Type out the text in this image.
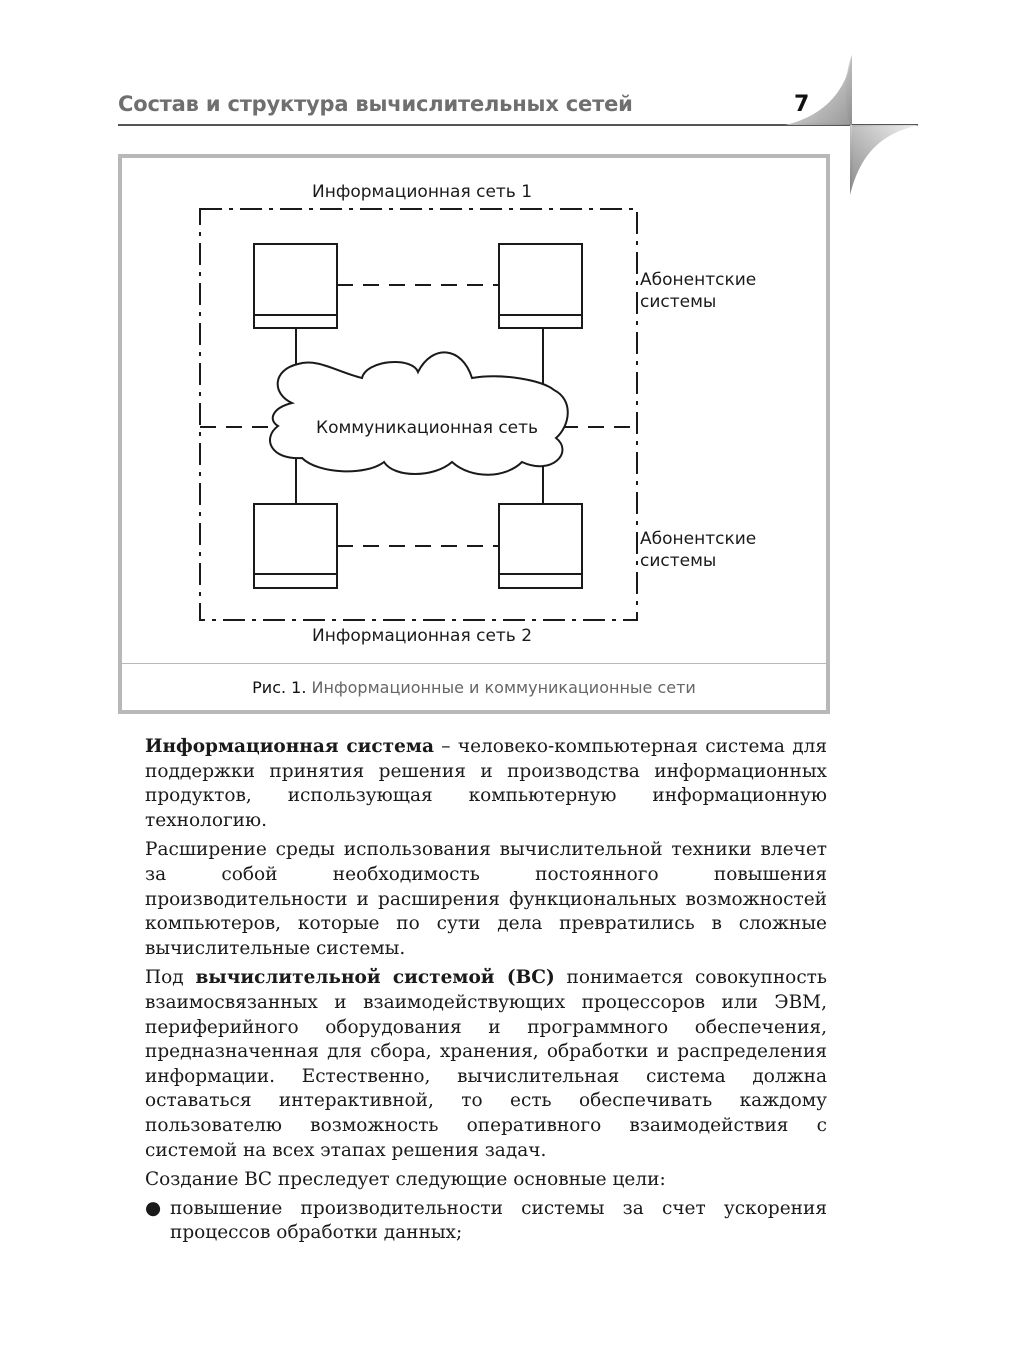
Состав и структура вычислительных сетей	7
Информационная сеть 1
Информационная сеть 2
Абонентские
системы
Абонентские
системы
Коммуникационная сеть
Рис. 1. Информационные и коммуникационные сети

Информационная система – человеко-компьютерная система для поддержки принятия решения и производства информационных продуктов, использующая компьютерную информационную технологию.

Расширение среды использования вычислительной техники влечет за собой необходимость постоянного повышения производительности и расширения функциональных возможностей компьютеров, которые по сути дела превратились в сложные вычислительные системы.

Под вычислительной системой (ВС) понимается совокупность взаимосвязанных и взаимодействующих процессоров или ЭВМ, периферийного оборудования и программного обеспечения, предназначенная для сбора, хранения, обработки и распределения информации. Естественно, вычислительная система должна оставаться интерактивной, то есть обеспечивать каждому пользователю возможность оперативного взаимодействия с системой на всех этапах решения задач.

Создание ВС преследует следующие основные цели:

● повышение производительности системы за счет ускорения процессов обработки данных;
